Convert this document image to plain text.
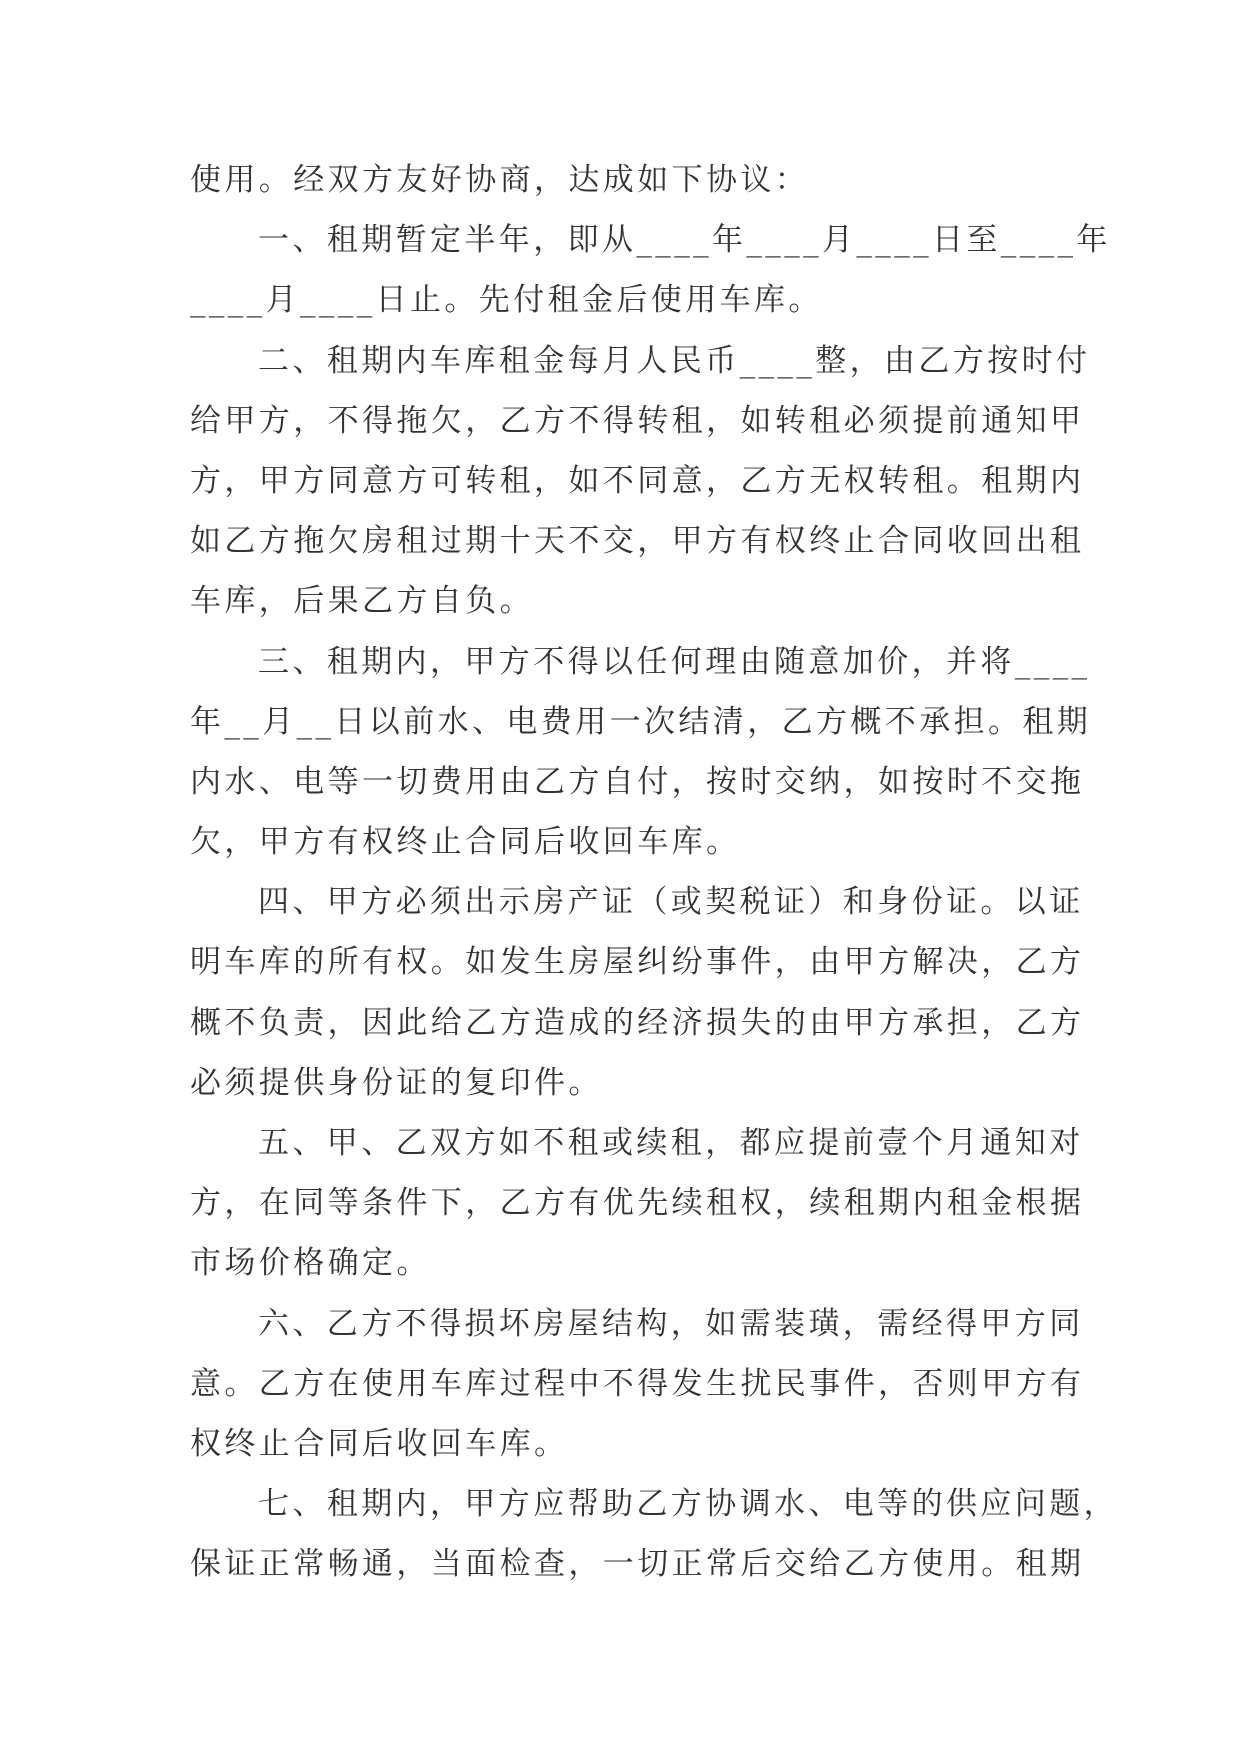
使用。经双方友好协商，达成如下协议：
一、租期暂定半年，即从____年____月____日至____年
____月____日止。先付租金后使用车库。
二、租期内车库租金每月人民币____整，由乙方按时付
给甲方，不得拖欠，乙方不得转租，如转租必须提前通知甲
方，甲方同意方可转租，如不同意，乙方无权转租。租期内
如乙方拖欠房租过期十天不交，甲方有权终止合同收回出租
车库，后果乙方自负。
三、租期内，甲方不得以任何理由随意加价，并将____
年__月__日以前水、电费用一次结清，乙方概不承担。租期
内水、电等一切费用由乙方自付，按时交纳，如按时不交拖
欠，甲方有权终止合同后收回车库。
四、甲方必须出示房产证（或契税证）和身份证。以证
明车库的所有权。如发生房屋纠纷事件，由甲方解决，乙方
概不负责，因此给乙方造成的经济损失的由甲方承担，乙方
必须提供身份证的复印件。
五、甲、乙双方如不租或续租，都应提前壹个月通知对
方，在同等条件下，乙方有优先续租权，续租期内租金根据
市场价格确定。
六、乙方不得损坏房屋结构，如需装璜，需经得甲方同
意。乙方在使用车库过程中不得发生扰民事件，否则甲方有
权终止合同后收回车库。
七、租期内，甲方应帮助乙方协调水、电等的供应问题，
保证正常畅通，当面检查，一切正常后交给乙方使用。租期
